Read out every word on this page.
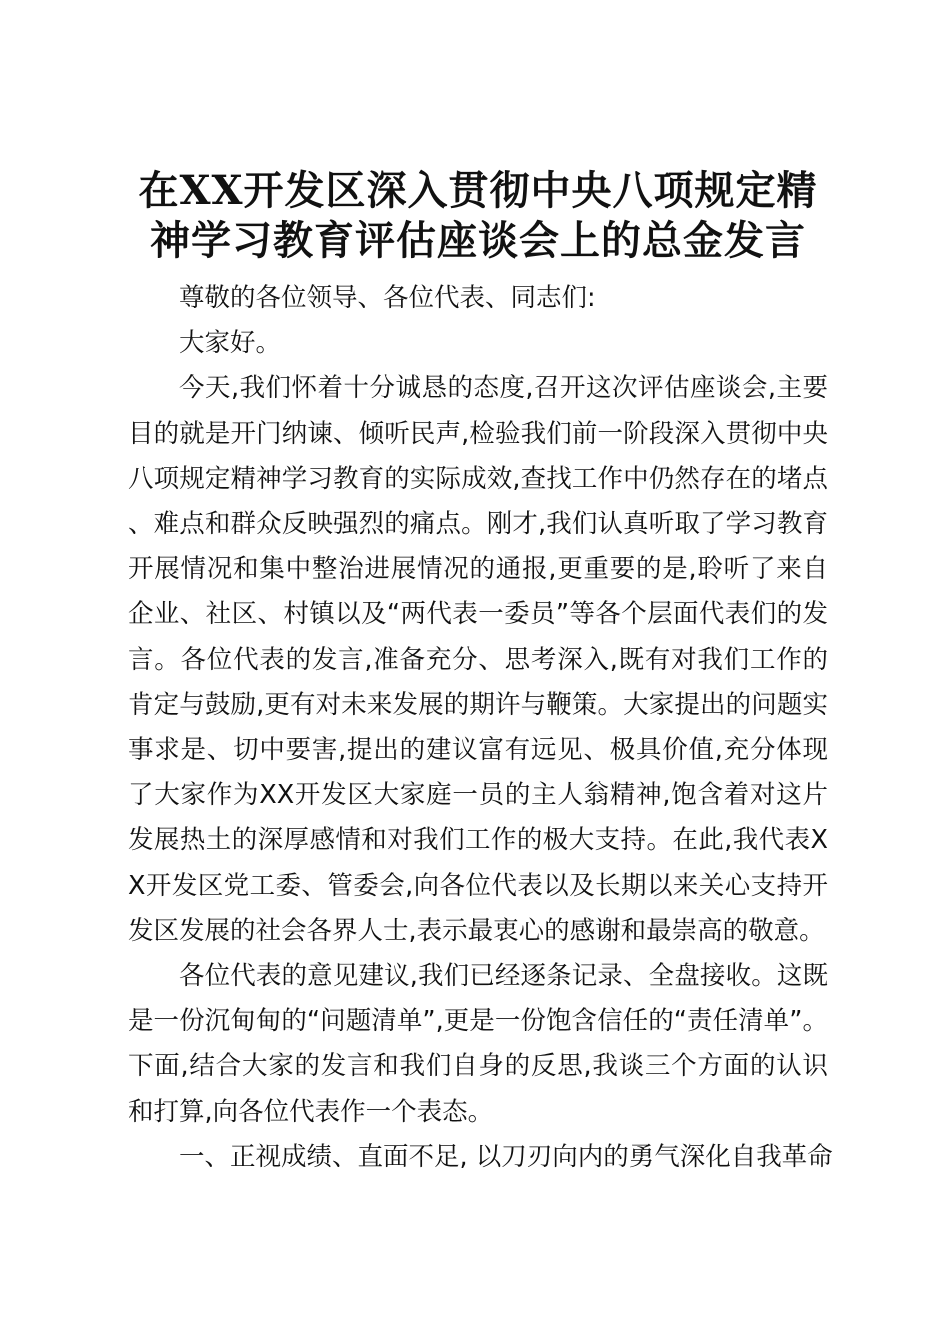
在XX开发区深入贯彻中央八项规定精
神学习教育评估座谈会上的总金发言

尊敬的各位领导、各位代表、同志们:

大家好。

今天,我们怀着十分诚恳的态度,召开这次评估座谈会,主要目的就是开门纳谏、倾听民声,检验我们前一阶段深入贯彻中央八项规定精神学习教育的实际成效,查找工作中仍然存在的堵点、难点和群众反映强烈的痛点。刚才,我们认真听取了学习教育开展情况和集中整治进展情况的通报,更重要的是,聆听了来自企业、社区、村镇以及“两代表一委员”等各个层面代表们的发言。各位代表的发言,准备充分、思考深入,既有对我们工作的肯定与鼓励,更有对未来发展的期许与鞭策。大家提出的问题实事求是、切中要害,提出的建议富有远见、极具价值,充分体现了大家作为XX开发区大家庭一员的主人翁精神,饱含着对这片发展热土的深厚感情和对我们工作的极大支持。在此,我代表XX开发区党工委、管委会,向各位代表以及长期以来关心支持开发区发展的社会各界人士,表示最衷心的感谢和最崇高的敬意。

各位代表的意见建议,我们已经逐条记录、全盘接收。这既是一份沉甸甸的“问题清单”,更是一份饱含信任的“责任清单”。下面,结合大家的发言和我们自身的反思,我谈三个方面的认识和打算,向各位代表作一个表态。

一、正视成绩、直面不足, 以刀刃向内的勇气深化自我革命
